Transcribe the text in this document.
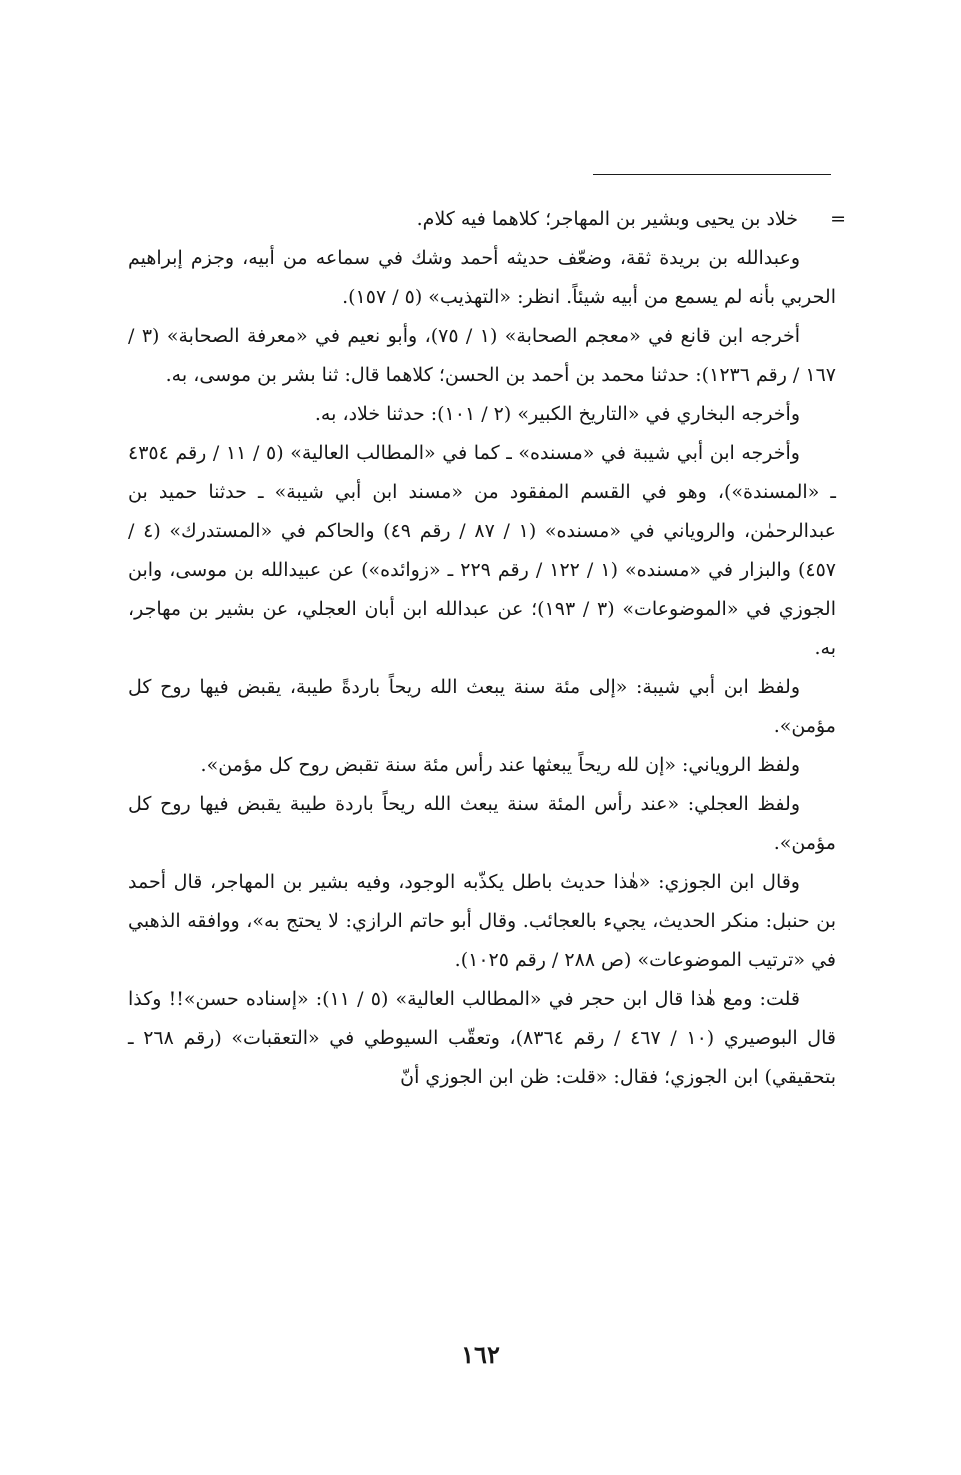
=
خلاد بن يحيى وبشير بن المهاجر؛ كلاهما فيه كلام.

وعبدالله بن بريدة ثقة، وضعّف حديثه أحمد وشك في سماعه من أبيه، وجزم إبراهيم الحربي بأنه لم يسمع من أبيه شيئاً. انظر: «التهذيب» (٥ / ١٥٧).

أخرجه ابن قانع في «معجم الصحابة» (١ / ٧٥)، وأبو نعيم في «معرفة الصحابة» (٣ / ١٦٧ / رقم ١٢٣٦): حدثنا محمد بن أحمد بن الحسن؛ كلاهما قال: ثنا بشر بن موسى، به.

وأخرجه البخاري في «التاريخ الكبير» (٢ / ١٠١): حدثنا خلاد، به.

وأخرجه ابن أبي شيبة في «مسنده» ـ كما في «المطالب العالية» (٥ / ١١ / رقم ٤٣٥٤ ـ «المسندة»)، وهو في القسم المفقود من «مسند ابن أبي شيبة» ـ حدثنا حميد بن عبدالرحمٰن، والروياني في «مسنده» (١ / ٨٧ / رقم ٤٩) والحاكم في «المستدرك» (٤ / ٤٥٧) والبزار في «مسنده» (١ / ١٢٢ / رقم ٢٢٩ ـ «زوائده») عن عبيدالله بن موسى، وابن الجوزي في «الموضوعات» (٣ / ١٩٣)؛ عن عبدالله ابن أبان العجلي، عن بشير بن مهاجر، به.

ولفظ ابن أبي شيبة: «إلى مئة سنة يبعث الله ريحاً باردةً طيبة، يقبض فيها روح كل مؤمن».

ولفظ الروياني: «إن لله ريحاً يبعثها عند رأس مئة سنة تقبض روح كل مؤمن».

ولفظ العجلي: «عند رأس المئة سنة يبعث الله ريحاً باردة طيبة يقبض فيها روح كل مؤمن».

وقال ابن الجوزي: «هٰذا حديث باطل يكذّبه الوجود، وفيه بشير بن المهاجر، قال أحمد بن حنبل: منكر الحديث، يجيء بالعجائب. وقال أبو حاتم الرازي: لا يحتج به»، ووافقه الذهبي في «ترتيب الموضوعات» (ص ٢٨٨ / رقم ١٠٢٥).

قلت: ومع هٰذا قال ابن حجر في «المطالب العالية» (٥ / ١١): «إسناده حسن»!! وكذا قال البوصيري (١٠ / ٤٦٧ / رقم ٨٣٦٤)، وتعقّب السيوطي في «التعقبات» (رقم ٢٦٨ ـ بتحقيقي) ابن الجوزي؛ فقال: «قلت: ظن ابن الجوزي أنّ

١٦٢
